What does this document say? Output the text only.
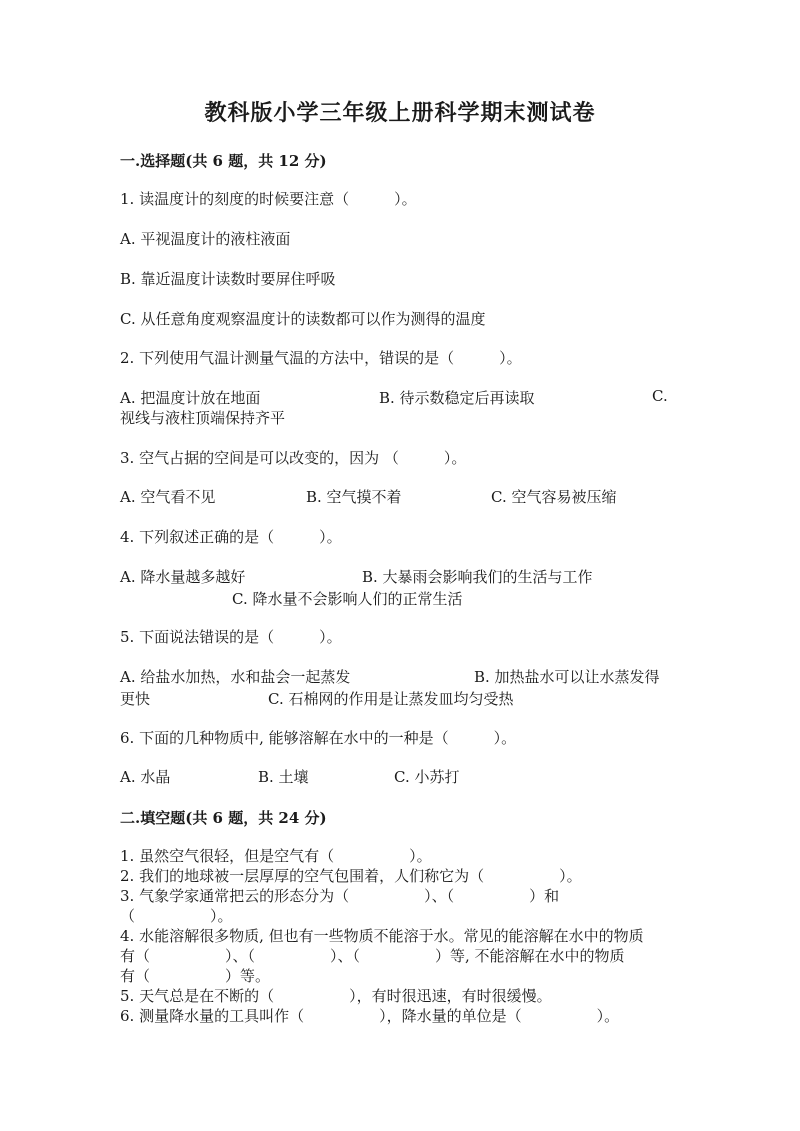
教科版小学三年级上册科学期末测试卷
一.选择题(共 6 题，共 12 分)
1. 读温度计的刻度的时候要注意（　　　）。
A. 平视温度计的液柱液面
B. 靠近温度计读数时要屏住呼吸
C. 从任意角度观察温度计的读数都可以作为测得的温度
2. 下列使用气温计测量气温的方法中，错误的是（　　　）。
A. 把温度计放在地面	B. 待示数稳定后再读取	C.
视线与液柱顶端保持齐平
3. 空气占据的空间是可以改变的，因为 （　　　）。
A. 空气看不见	B. 空气摸不着	C. 空气容易被压缩
4. 下列叙述正确的是（　　　）。
A. 降水量越多越好	B. 大暴雨会影响我们的生活与工作
C. 降水量不会影响人们的正常生活
5. 下面说法错误的是（　　　）。
A. 给盐水加热，水和盐会一起蒸发	B. 加热盐水可以让水蒸发得
更快	C. 石棉网的作用是让蒸发皿均匀受热
6. 下面的几种物质中, 能够溶解在水中的一种是（　　　）。
A. 水晶	B. 土壤	C. 小苏打
二.填空题(共 6 题，共 24 分)
1. 虽然空气很轻，但是空气有（　　　　　）。
2. 我们的地球被一层厚厚的空气包围着，人们称它为（　　　　　）。
3. 气象学家通常把云的形态分为（　　　　　）、（　　　　　）和
（　　　　　）。
4. 水能溶解很多物质, 但也有一些物质不能溶于水。常见的能溶解在水中的物质
有（　　　　　）、（　　　　　）、（　　　　　）等, 不能溶解在水中的物质
有（　　　　　）等。
5. 天气总是在不断的（　　　　　），有时很迅速，有时很缓慢。
6. 测量降水量的工具叫作（　　　　　），降水量的单位是（　　　　　）。
